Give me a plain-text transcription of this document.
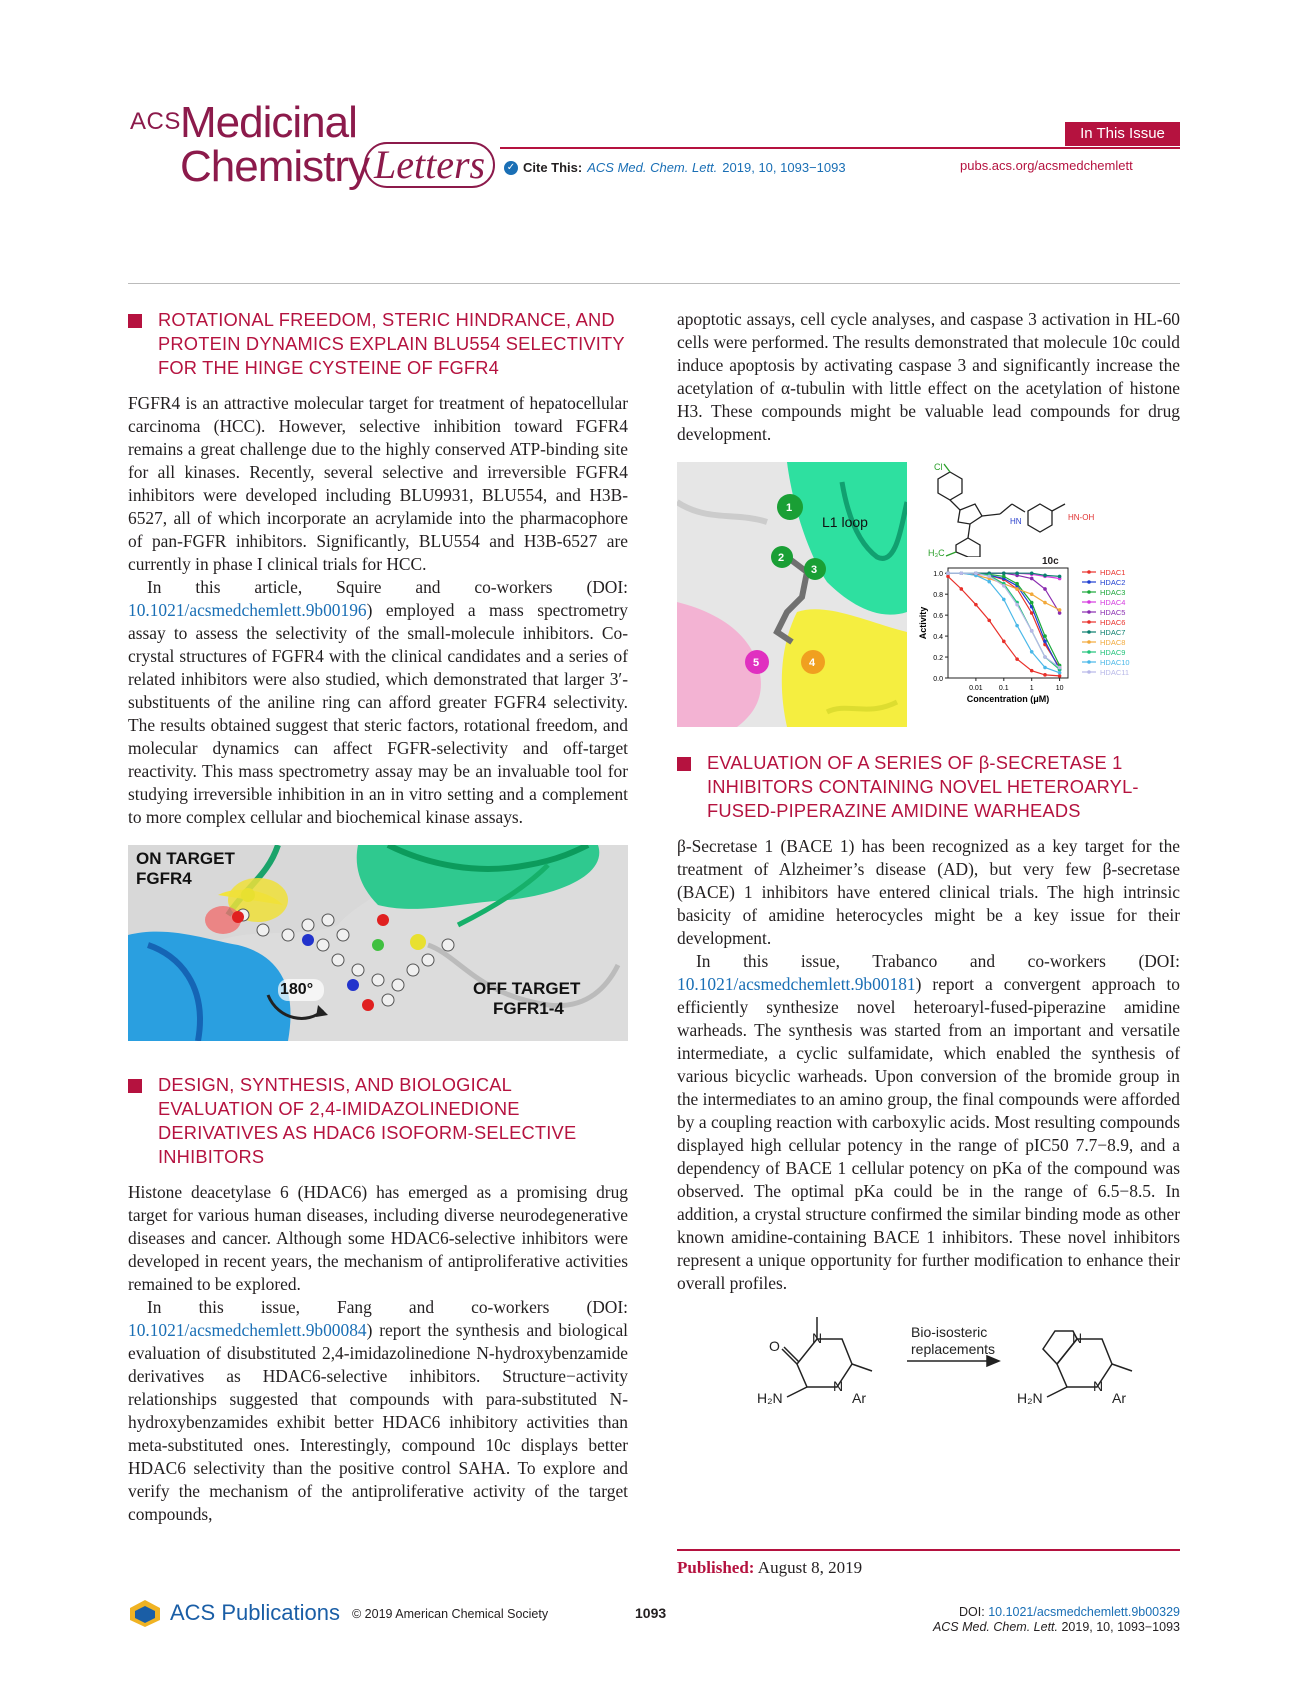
ACS Medicinal
Chemistry Letters
In This Issue
✓ Cite This: ACS Med. Chem. Lett. 2019, 10, 1093−1093	pubs.acs.org/acsmedchemlett
ROTATIONAL FREEDOM, STERIC HINDRANCE, AND PROTEIN DYNAMICS EXPLAIN BLU554 SELECTIVITY FOR THE HINGE CYSTEINE OF FGFR4

FGFR4 is an attractive molecular target for treatment of hepatocellular carcinoma (HCC). However, selective inhibition toward FGFR4 remains a great challenge due to the highly conserved ATP-binding site for all kinases. Recently, several selective and irreversible FGFR4 inhibitors were developed including BLU9931, BLU554, and H3B-6527, all of which incorporate an acrylamide into the pharmacophore of pan-FGFR inhibitors. Significantly, BLU554 and H3B-6527 are currently in phase I clinical trials for HCC.

In this article, Squire and co-workers (DOI: 10.1021/acsmedchemlett.9b00196) employed a mass spectrometry assay to assess the selectivity of the small-molecule inhibitors. Co-crystal structures of FGFR4 with the clinical candidates and a series of related inhibitors were also studied, which demonstrated that larger 3′-substituents of the aniline ring can afford greater FGFR4 selectivity. The results obtained suggest that steric factors, rotational freedom, and molecular dynamics can affect FGFR-selectivity and off-target reactivity. This mass spectrometry assay may be an invaluable tool for studying irreversible inhibition in an in vitro setting and a complement to more complex cellular and biochemical kinase assays.

ON TARGET
FGFR4
180°	OFF TARGET
FGFR1-4
DESIGN, SYNTHESIS, AND BIOLOGICAL EVALUATION OF 2,4-IMIDAZOLINEDIONE DERIVATIVES AS HDAC6 ISOFORM-SELECTIVE INHIBITORS

Histone deacetylase 6 (HDAC6) has emerged as a promising drug target for various human diseases, including diverse neurodegenerative diseases and cancer. Although some HDAC6-selective inhibitors were developed in recent years, the mechanism of antiproliferative activities remained to be explored.

In this issue, Fang and co-workers (DOI: 10.1021/acsmedchemlett.9b00084) report the synthesis and biological evaluation of disubstituted 2,4-imidazolinedione N-hydroxybenzamide derivatives as HDAC6-selective inhibitors. Structure−activity relationships suggested that compounds with para-substituted N-hydroxybenzamides exhibit better HDAC6 inhibitory activities than meta-substituted ones. Interestingly, compound 10c displays better HDAC6 selectivity than the positive control SAHA. To explore and verify the mechanism of the antiproliferative activity of the target compounds,

apoptotic assays, cell cycle analyses, and caspase 3 activation in HL-60 cells were performed. The results demonstrated that molecule 10c could induce apoptosis by activating caspase 3 and significantly increase the acetylation of α-tubulin with little effect on the acetylation of histone H3. These compounds might be valuable lead compounds for drug development.

1
2
3
4
5
L1 loop
Cl
H₃C
HN	HN-OH
10c
0.0
0.2
0.4
0.6
0.8
1.0
0.01 0.1	1	10
Concentration (μM)
Activity
HDAC1
HDAC2
HDAC3
HDAC4
HDAC5
HDAC6
HDAC7
HDAC8
HDAC9
HDAC10
HDAC11
EVALUATION OF A SERIES OF β-SECRETASE 1 INHIBITORS CONTAINING NOVEL HETEROARYL-FUSED-PIPERAZINE AMIDINE WARHEADS

β-Secretase 1 (BACE 1) has been recognized as a key target for the treatment of Alzheimer’s disease (AD), but very few β-secretase (BACE) 1 inhibitors have entered clinical trials. The high intrinsic basicity of amidine heterocycles might be a key issue for their development.

In this issue, Trabanco and co-workers (DOI: 10.1021/acsmedchemlett.9b00181) report a convergent approach to efficiently synthesize novel heteroaryl-fused-piperazine amidine warheads. The synthesis was started from an important and versatile intermediate, a cyclic sulfamidate, which enabled the synthesis of various bicyclic warheads. Upon conversion of the bromide group in the intermediates to an amino group, the final compounds were afforded by a coupling reaction with carboxylic acids. Most resulting compounds displayed high cellular potency in the range of pIC50 7.7−8.9, and a dependency of BACE 1 cellular potency on pKa of the compound was observed. The optimal pKa could be in the range of 6.5−8.5. In addition, a crystal structure confirmed the similar binding mode as other known amidine-containing BACE 1 inhibitors. These novel inhibitors represent a unique opportunity for further modification to enhance their overall profiles.

O N
N
H₂N	Ar
N
N
H₂N	Ar
Bio-isosteric
replacements
Published: August 8, 2019
ACS Publications © 2019 American Chemical Society	1093	DOI: 10.1021/acsmedchemlett.9b00329
ACS Med. Chem. Lett. 2019, 10, 1093−1093
